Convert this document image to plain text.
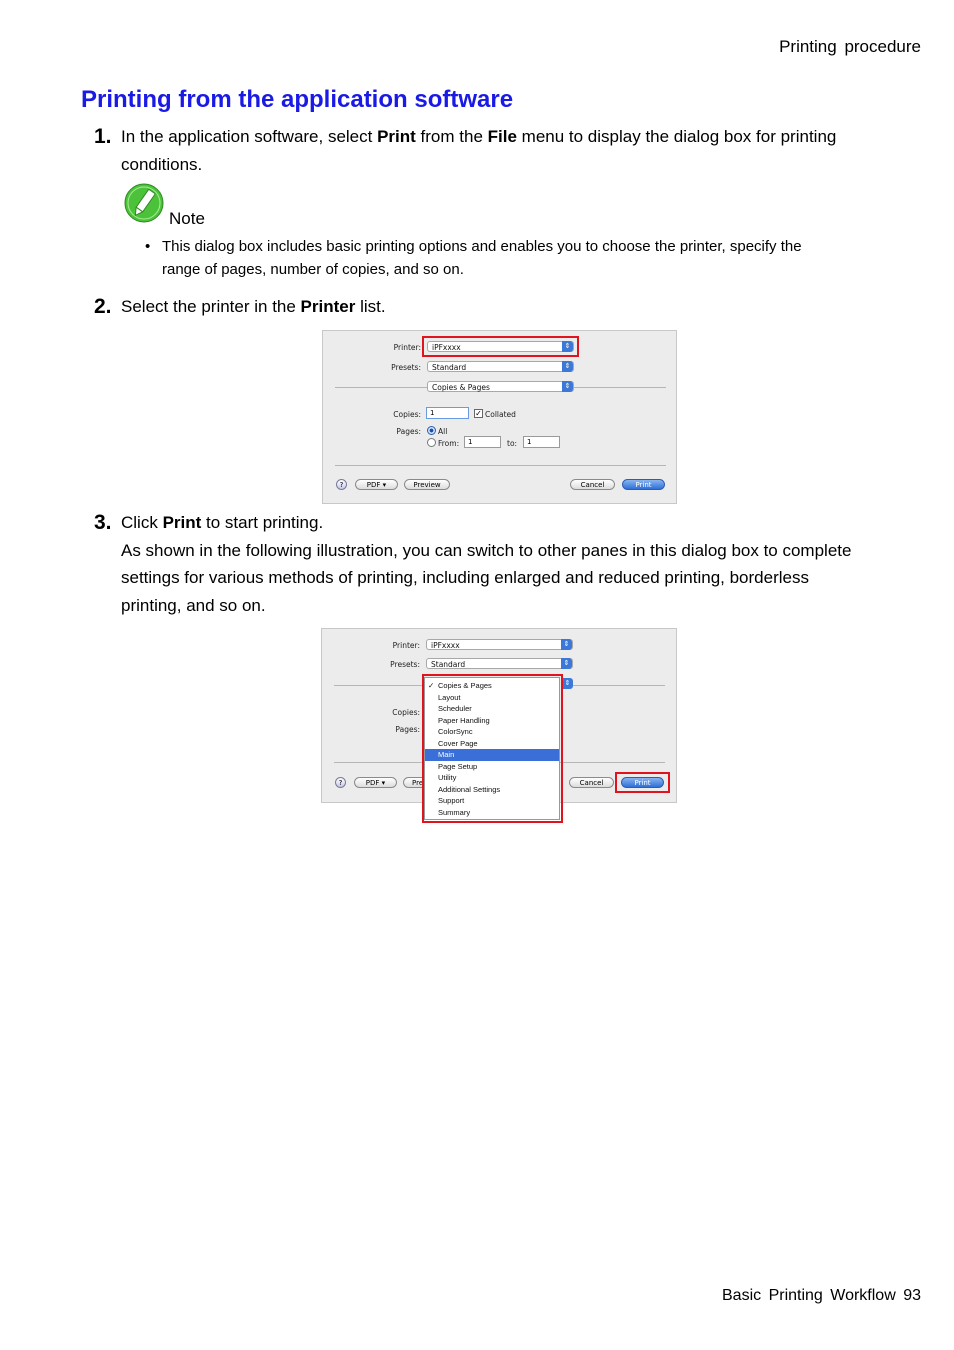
Printing procedure
Printing from the application software
1. In the application software, select Print from the File menu to display the dialog box for printing
conditions.
Note
• This dialog box includes basic printing options and enables you to choose the printer, specify the
range of pages, number of copies, and so on.
2. Select the printer in the Printer list.
Printer:	iPFxxxx	⇕
Presets:	Standard	⇕
Copies & Pages	⇕
Copies:	1	✓ Collated
Pages: All
From:	1	to:	1
?	PDF ▾	Preview	Cancel	Print
3. Click Print to start printing.
As shown in the following illustration, you can switch to other panes in this dialog box to complete
settings for various methods of printing, including enlarged and reduced printing, borderless
printing, and so on.
Printer:	iPFxxxx	⇕
Presets:	Standard	⇕
⇕
Copies:
Pages:
?	PDF ▾	Pre	Cancel	Print
✓ Copies & Pages
Layout
Scheduler
Paper Handling
ColorSync
Cover Page
Main
Page Setup
Utility
Additional Settings
Support
Summary
Basic Printing Workflow 93
